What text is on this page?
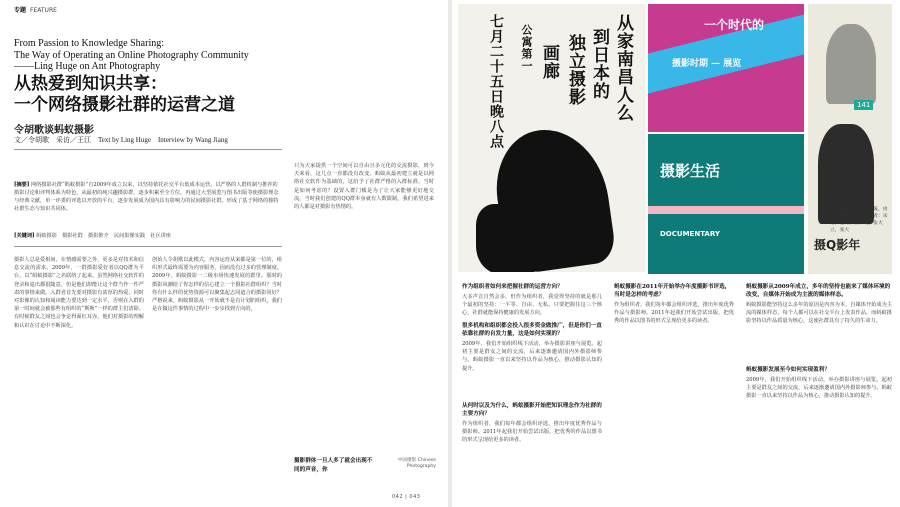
专题 FEATURE
From Passion to Knowledge Sharing:
The Way of Operating an Online Photography Community
——Ling Huge on Ant Photography
从热爱到知识共享：
一个网络摄影社群的运营之道
令胡歌谈蚂蚁摄影
文／令胡歌　采访／王江　Text by Ling Huge　Interview by Wang Jiang
[摘要] 网络摄影社群“蚂蚁摄影”自2009年成立以来，以坚持依托社交平台低成本运营，以严格的人群机制与推荐的摄影讨论和评判体系为特色，从最初的纯兴趣摄影群，逐步积累至全方位，再通过大型展览与图书出版等使摄影理念与经典文献，单一评委的评选以开放的平台，逐步发展成为国内具有影响力的民间摄影社群。形成了基于网络的独特社群生态与知识共同体。
[关键词] 蚂蚁摄影　摄影社群　摄影推介　民间影像实践　社区讲座
摄影人总是爱相间，在情感需要之外，更多是对技术和信息交流的需求。2009年，一群摄影爱好者以QQ群为平台，以“蚂蚁摄影”之名联络了起来。虽然网络社交软件的登录和退出都很随意，但是他们却能让这个群当作一件严肃的事情来做。入群者首先要对摄影有浓厚的热爱，同时对影像的认知和阅读能力要达到一定水平，否则在入群的第一时间就会被那些有组织的“斯斯”一样的群主们清除。有时候群友之间也会争论得面红耳赤，他们对摄影的理解和认识在讨论中不断深化。
创始人令胡歌以此模式，内容运营从来都是第一位的，组织形式最终需要为内容服务，因而没有过多的管理制度。2009年，蚂蚁摄影一二级市场快速发展的群里。那时的摄影风潮给了你怎样的信心建立一个摄影社群组织？当时你有什么样的优势资源可以聚集起志同道合的摄影同好？严格说来，蚂蚁摄影从一开始就不是有计划的组织，我们是在做这件事情的过程中一步步找到方向的。
只为大家提供一个空间可以自由且多元化的交流摄影，到今天来看，这几点一直都没有改变。蚂蚁从最初建立就是以网络社交软件为基础的，这给予了社群严格的入群标准。当时是如何考虑的？设置入群门槛是为了让大家能够更好地交流。当时我们创建的QQ群本身就有人数限制，我们希望进来的人都是对摄影有热情的。
摄影群体一旦人多了就会出现不同的声音，你
中国摄影 Chinese Photography
042 | 043
从家南昌人么
到日本的
独立摄影
画廊
公寓第一
七月二十五日晚八点	一个时代的
摄影时期 — 展览
摄影生活
DOCUMENTARY
141
摄Q影年
蚂蚁摄影主分享会海报，由蚂蚁摄影设计，设计者：宋方，金可，立体设，张大立，张大
作为组织者如何来把握社群的运营方向？
大多声音自然会多。但作为组织者，我觉得坚持的就是那几个最初的坚持：一平等、自由、无私。只要把握住这三个核心，社群就能保持健康的发展方向。
很多机构和组织都会投入很多资金做推广，但是你们一直依靠社群的自发力量，这是如何实现的？
2009年，我们开始组织线下活动，举办摄影讲座与展览。起初主要是群友之间的交流，后来逐渐邀请国内外摄影师参与。蚂蚁摄影一直以来坚持以作品为核心，推动摄影认知的提升。
从何时以及为什么，蚂蚁摄影开始把知识理念作为社群的主要方向？
作为组织者，我们每年都会组织评选，推出年度优秀作品与摄影师。2011年起我们开始尝试出版，把优秀的作品以图书的形式呈现给更多的读者。
蚂蚁摄影在2011年开始举办年度摄影书评选，当时是怎样的考虑？
作为组织者，我们每年都会组织评选，推出年度优秀作品与摄影师。2011年起我们开始尝试出版，把优秀的作品以图书的形式呈现给更多的读者。
蚂蚁摄影从2009年成立，多年的坚持也能来了媒体环境的改变，自媒体开始成为主流的媒体样态。
蚂蚁摄影能坚持这么多年的原因是内容为本。自媒体开始成为主流的媒体样态，每个人都可以在社交平台上发表作品，而蚂蚁摄影坚持以作品质量为核心，这使社群具有了持久的生命力。
蚂蚁摄影发展至今如何实现盈利？
2009年，我们开始组织线下活动，举办摄影讲座与展览。起初主要是群友之间的交流，后来逐渐邀请国内外摄影师参与。蚂蚁摄影一直以来坚持以作品为核心，推动摄影认知的提升。
